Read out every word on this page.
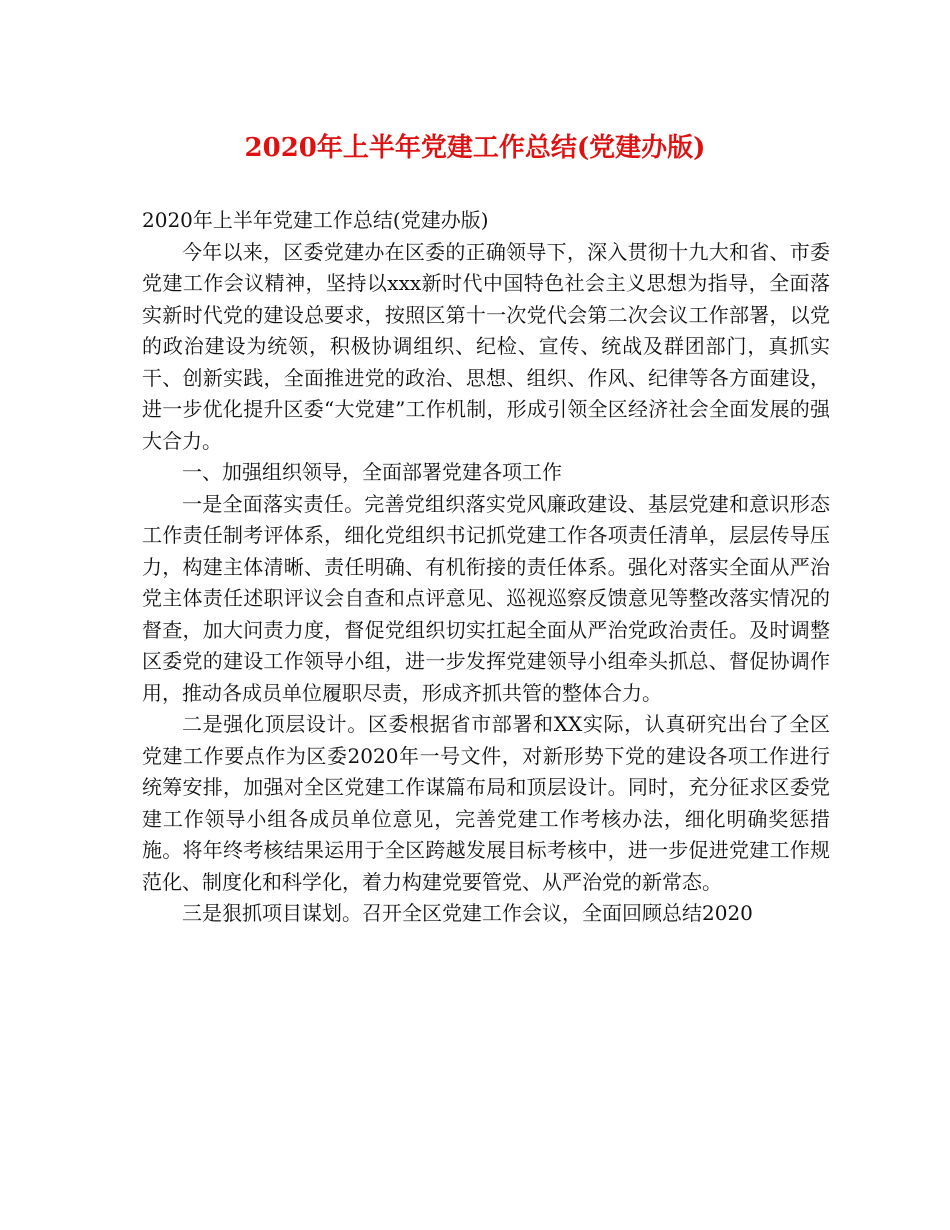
2020年上半年党建工作总结(党建办版)

2020年上半年党建工作总结(党建办版)

今年以来，区委党建办在区委的正确领导下，深入贯彻十九大和省、市委党建工作会议精神，坚持以xxx新时代中国特色社会主义思想为指导，全面落实新时代党的建设总要求，按照区第十一次党代会第二次会议工作部署，以党的政治建设为统领，积极协调组织、纪检、宣传、统战及群团部门，真抓实干、创新实践，全面推进党的政治、思想、组织、作风、纪律等各方面建设，进一步优化提升区委“大党建”工作机制，形成引领全区经济社会全面发展的强大合力。

一、加强组织领导，全面部署党建各项工作

一是全面落实责任。完善党组织落实党风廉政建设、基层党建和意识形态工作责任制考评体系，细化党组织书记抓党建工作各项责任清单，层层传导压力，构建主体清晰、责任明确、有机衔接的责任体系。强化对落实全面从严治党主体责任述职评议会自查和点评意见、巡视巡察反馈意见等整改落实情况的督查，加大问责力度，督促党组织切实扛起全面从严治党政治责任。及时调整区委党的建设工作领导小组，进一步发挥党建领导小组牵头抓总、督促协调作用，推动各成员单位履职尽责，形成齐抓共管的整体合力。

二是强化顶层设计。区委根据省市部署和XX实际，认真研究出台了全区党建工作要点作为区委2020年一号文件，对新形势下党的建设各项工作进行统筹安排，加强对全区党建工作谋篇布局和顶层设计。同时，充分征求区委党建工作领导小组各成员单位意见，完善党建工作考核办法，细化明确奖惩措施。将年终考核结果运用于全区跨越发展目标考核中，进一步促进党建工作规范化、制度化和科学化，着力构建党要管党、从严治党的新常态。

三是狠抓项目谋划。召开全区党建工作会议，全面回顾总结2020
